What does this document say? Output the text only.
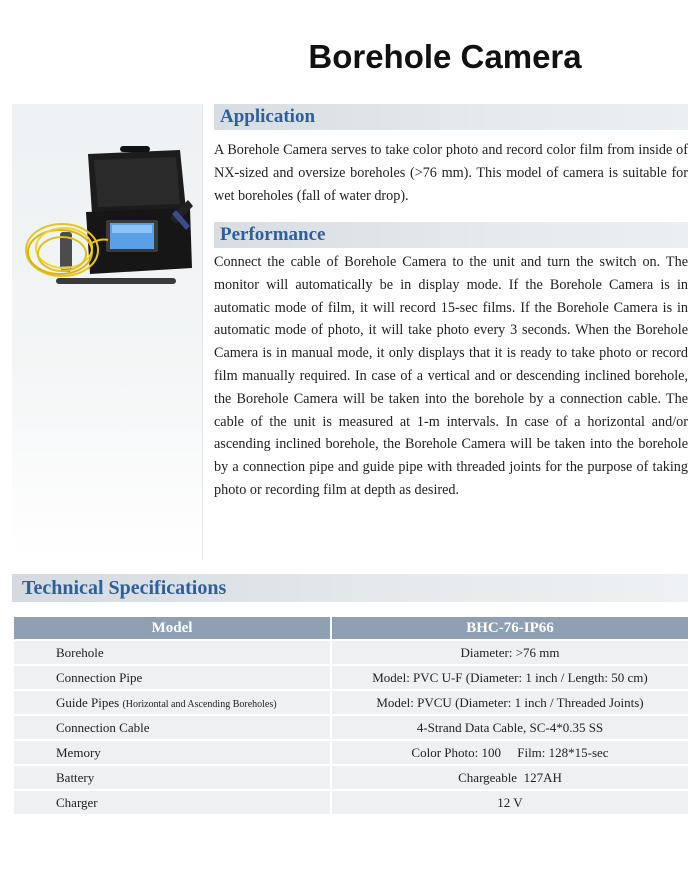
Borehole Camera
Application
A Borehole Camera serves to take color photo and record color film from inside of NX-sized and oversize boreholes (>76 mm). This model of camera is suitable for wet boreholes (fall of water drop).
Performance
Connect the cable of Borehole Camera to the unit and turn the switch on. The monitor will automatically be in display mode. If the Borehole Camera is in automatic mode of film, it will record 15-sec films. If the Borehole Camera is in automatic mode of photo, it will take photo every 3 seconds. When the Borehole Camera is in manual mode, it only displays that it is ready to take photo or record film manually required. In case of a vertical and or descending inclined borehole, the Borehole Camera will be taken into the borehole by a connection cable. The cable of the unit is measured at 1-m intervals. In case of a horizontal and/or ascending inclined borehole, the Borehole Camera will be taken into the borehole by a connection pipe and guide pipe with threaded joints for the purpose of taking photo or recording film at depth as desired.
Technical Specifications
Model	BHC-76-IP66
Borehole	Diameter: >76 mm
Connection Pipe	Model: PVC U-F (Diameter: 1 inch / Length: 50 cm)
Guide Pipes (Horizontal and Ascending Boreholes)	Model: PVCU (Diameter: 1 inch / Threaded Joints)
Connection Cable	4-Strand Data Cable, SC-4*0.35 SS
Memory	Color Photo: 100     Film: 128*15-sec
Battery	Chargeable  127AH
Charger	12 V
